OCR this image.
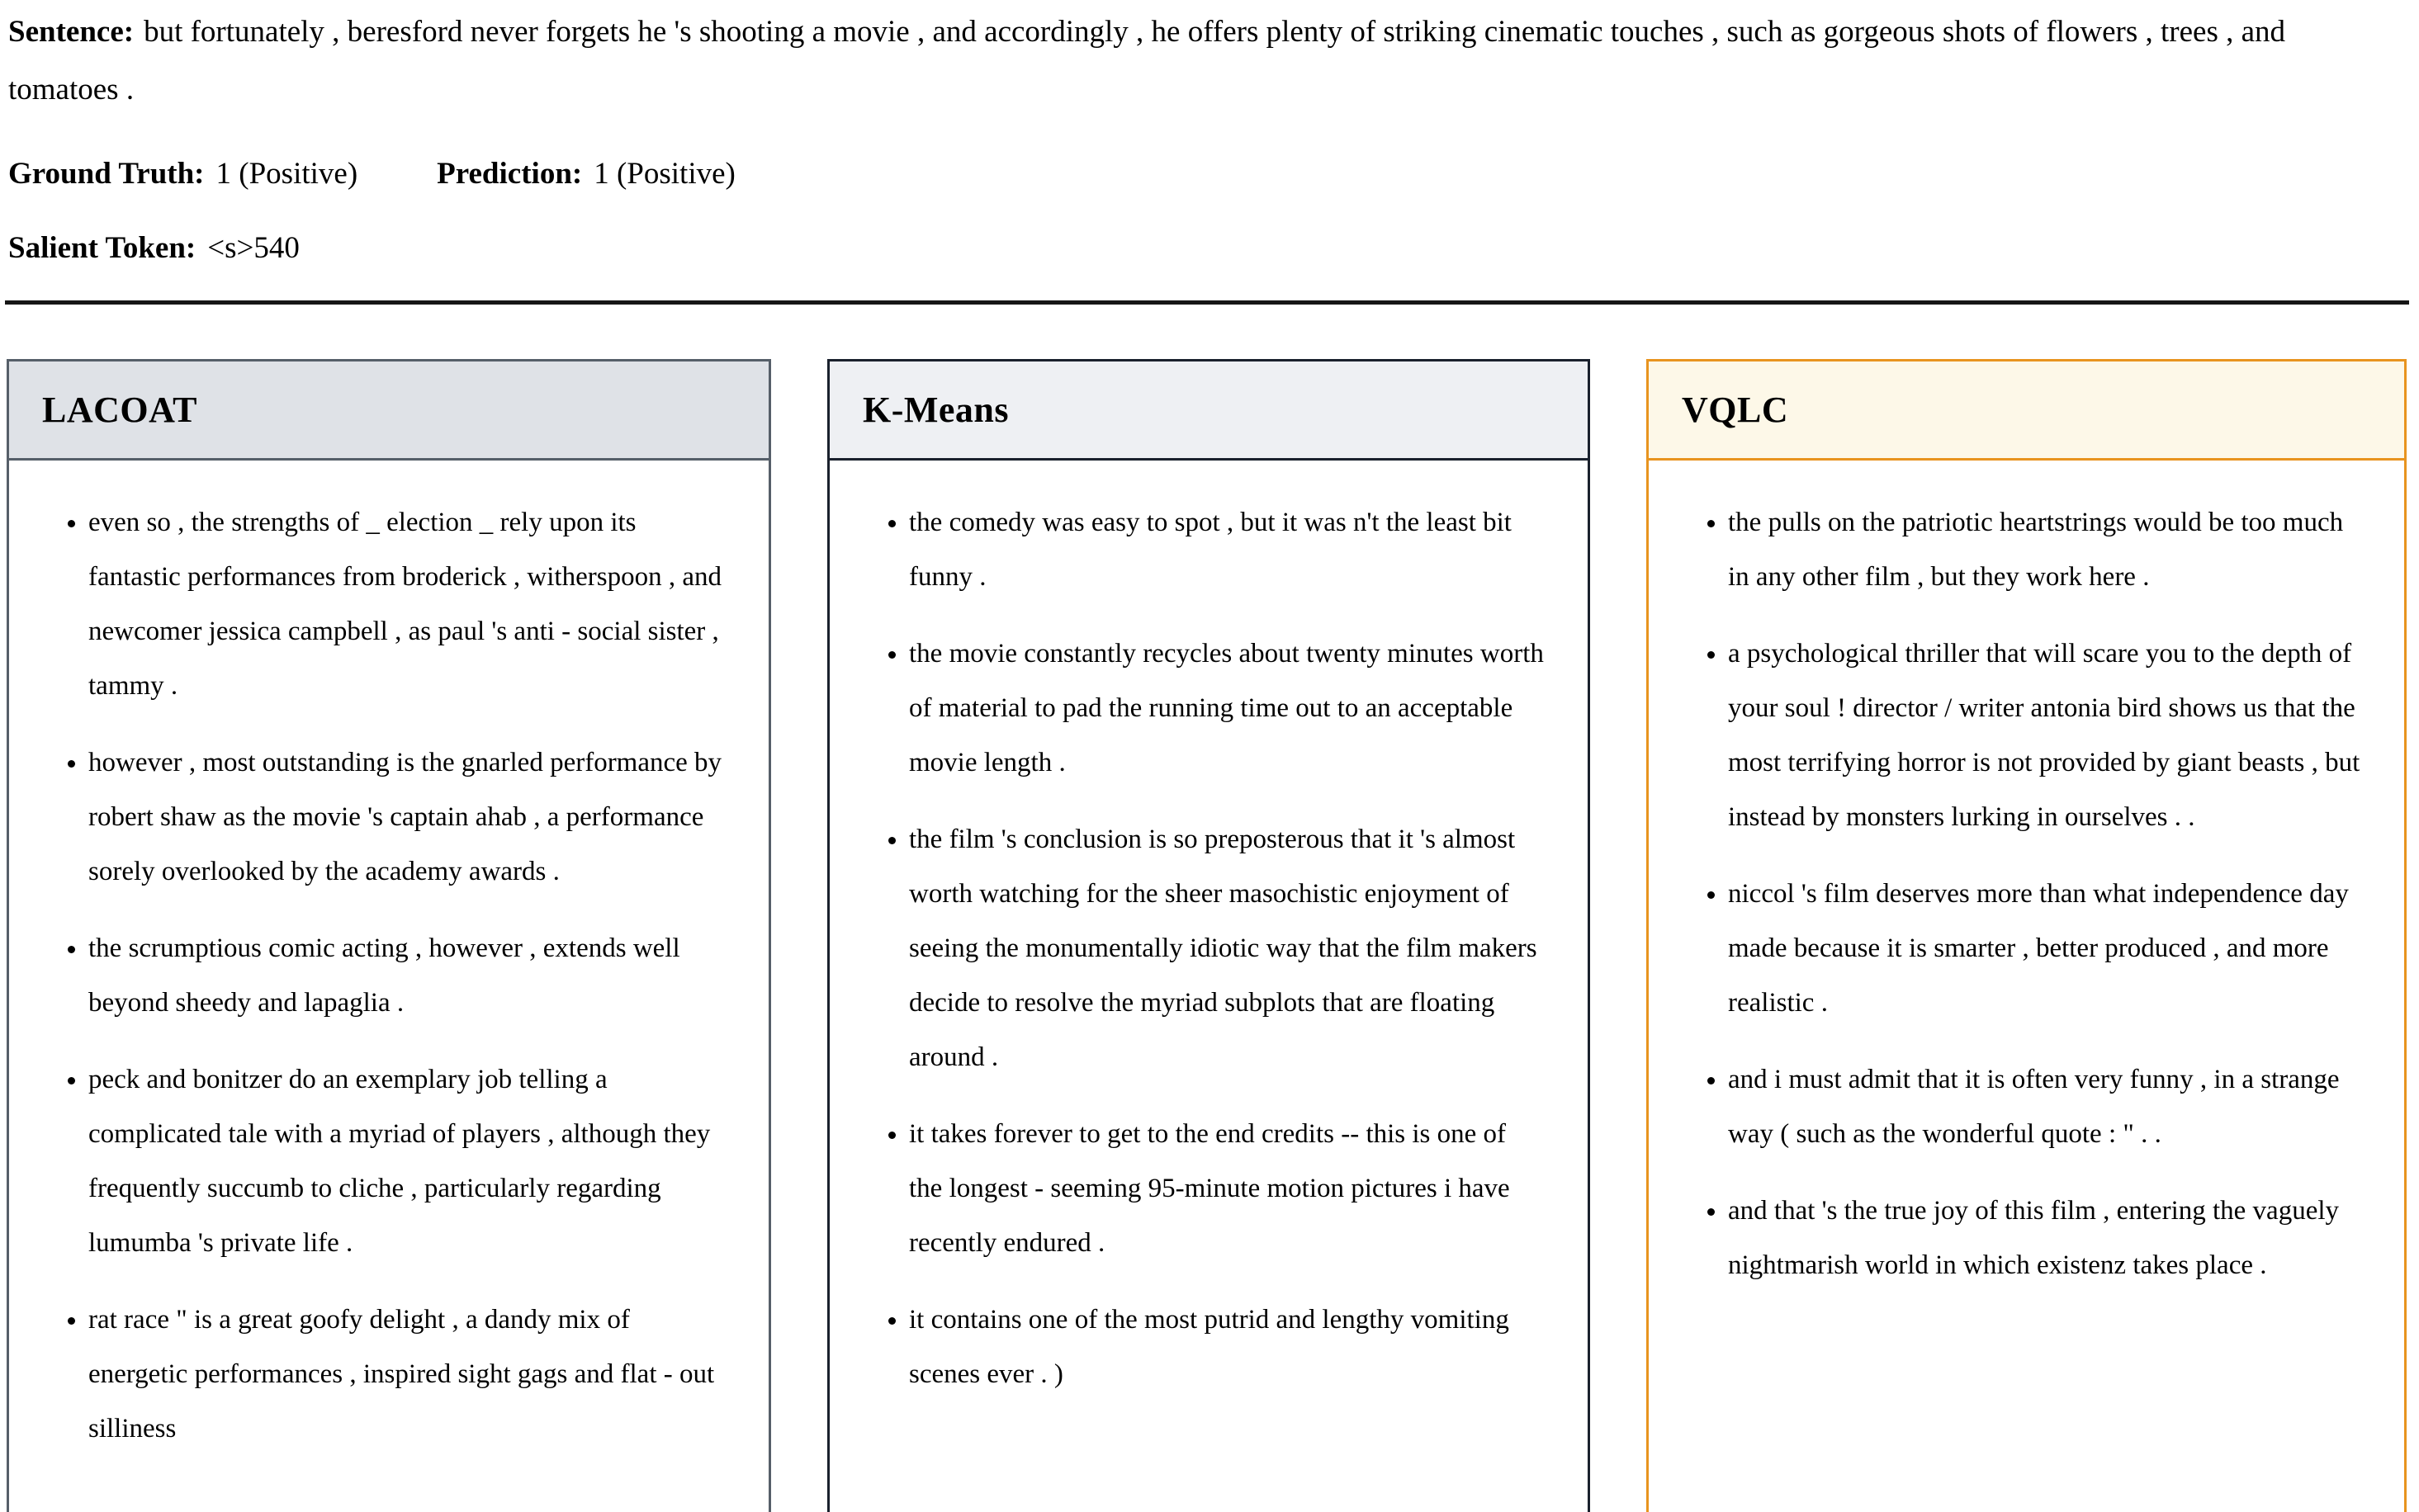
Sentence: but fortunately , beresford never forgets he 's shooting a movie , and accordingly , he offers plenty of striking cinematic touches , such as gorgeous shots of flowers , trees , and tomatoes .

Ground Truth: 1 (Positive)	Prediction: 1 (Positive)

Salient Token: <s>540

LACOAT
• even so , the strengths of _ election _ rely upon its fantastic performances from broderick , witherspoon , and newcomer jessica campbell , as paul 's anti - social sister , tammy .
• however , most outstanding is the gnarled performance by robert shaw as the movie 's captain ahab , a performance sorely overlooked by the academy awards .
• the scrumptious comic acting , however , extends well beyond sheedy and lapaglia .
• peck and bonitzer do an exemplary job telling a complicated tale with a myriad of players , although they frequently succumb to cliche , particularly regarding lumumba 's private life .
• rat race " is a great goofy delight , a dandy mix of energetic performances , inspired sight gags and flat - out silliness
K-Means
• the comedy was easy to spot , but it was n't the least bit funny .
• the movie constantly recycles about twenty minutes worth of material to pad the running time out to an acceptable movie length .
• the film 's conclusion is so preposterous that it 's almost worth watching for the sheer masochistic enjoyment of seeing the monumentally idiotic way that the film makers decide to resolve the myriad subplots that are floating around .
• it takes forever to get to the end credits -- this is one of the longest - seeming 95-minute motion pictures i have recently endured .
• it contains one of the most putrid and lengthy vomiting scenes ever . )
VQLC
• the pulls on the patriotic heartstrings would be too much in any other film , but they work here .
• a psychological thriller that will scare you to the depth of your soul ! director / writer antonia bird shows us that the most terrifying horror is not provided by giant beasts , but instead by monsters lurking in ourselves . .
• niccol 's film deserves more than what independence day made because it is smarter , better produced , and more realistic .
• and i must admit that it is often very funny , in a strange way ( such as the wonderful quote : " . .
• and that 's the true joy of this film , entering the vaguely nightmarish world in which existenz takes place .
